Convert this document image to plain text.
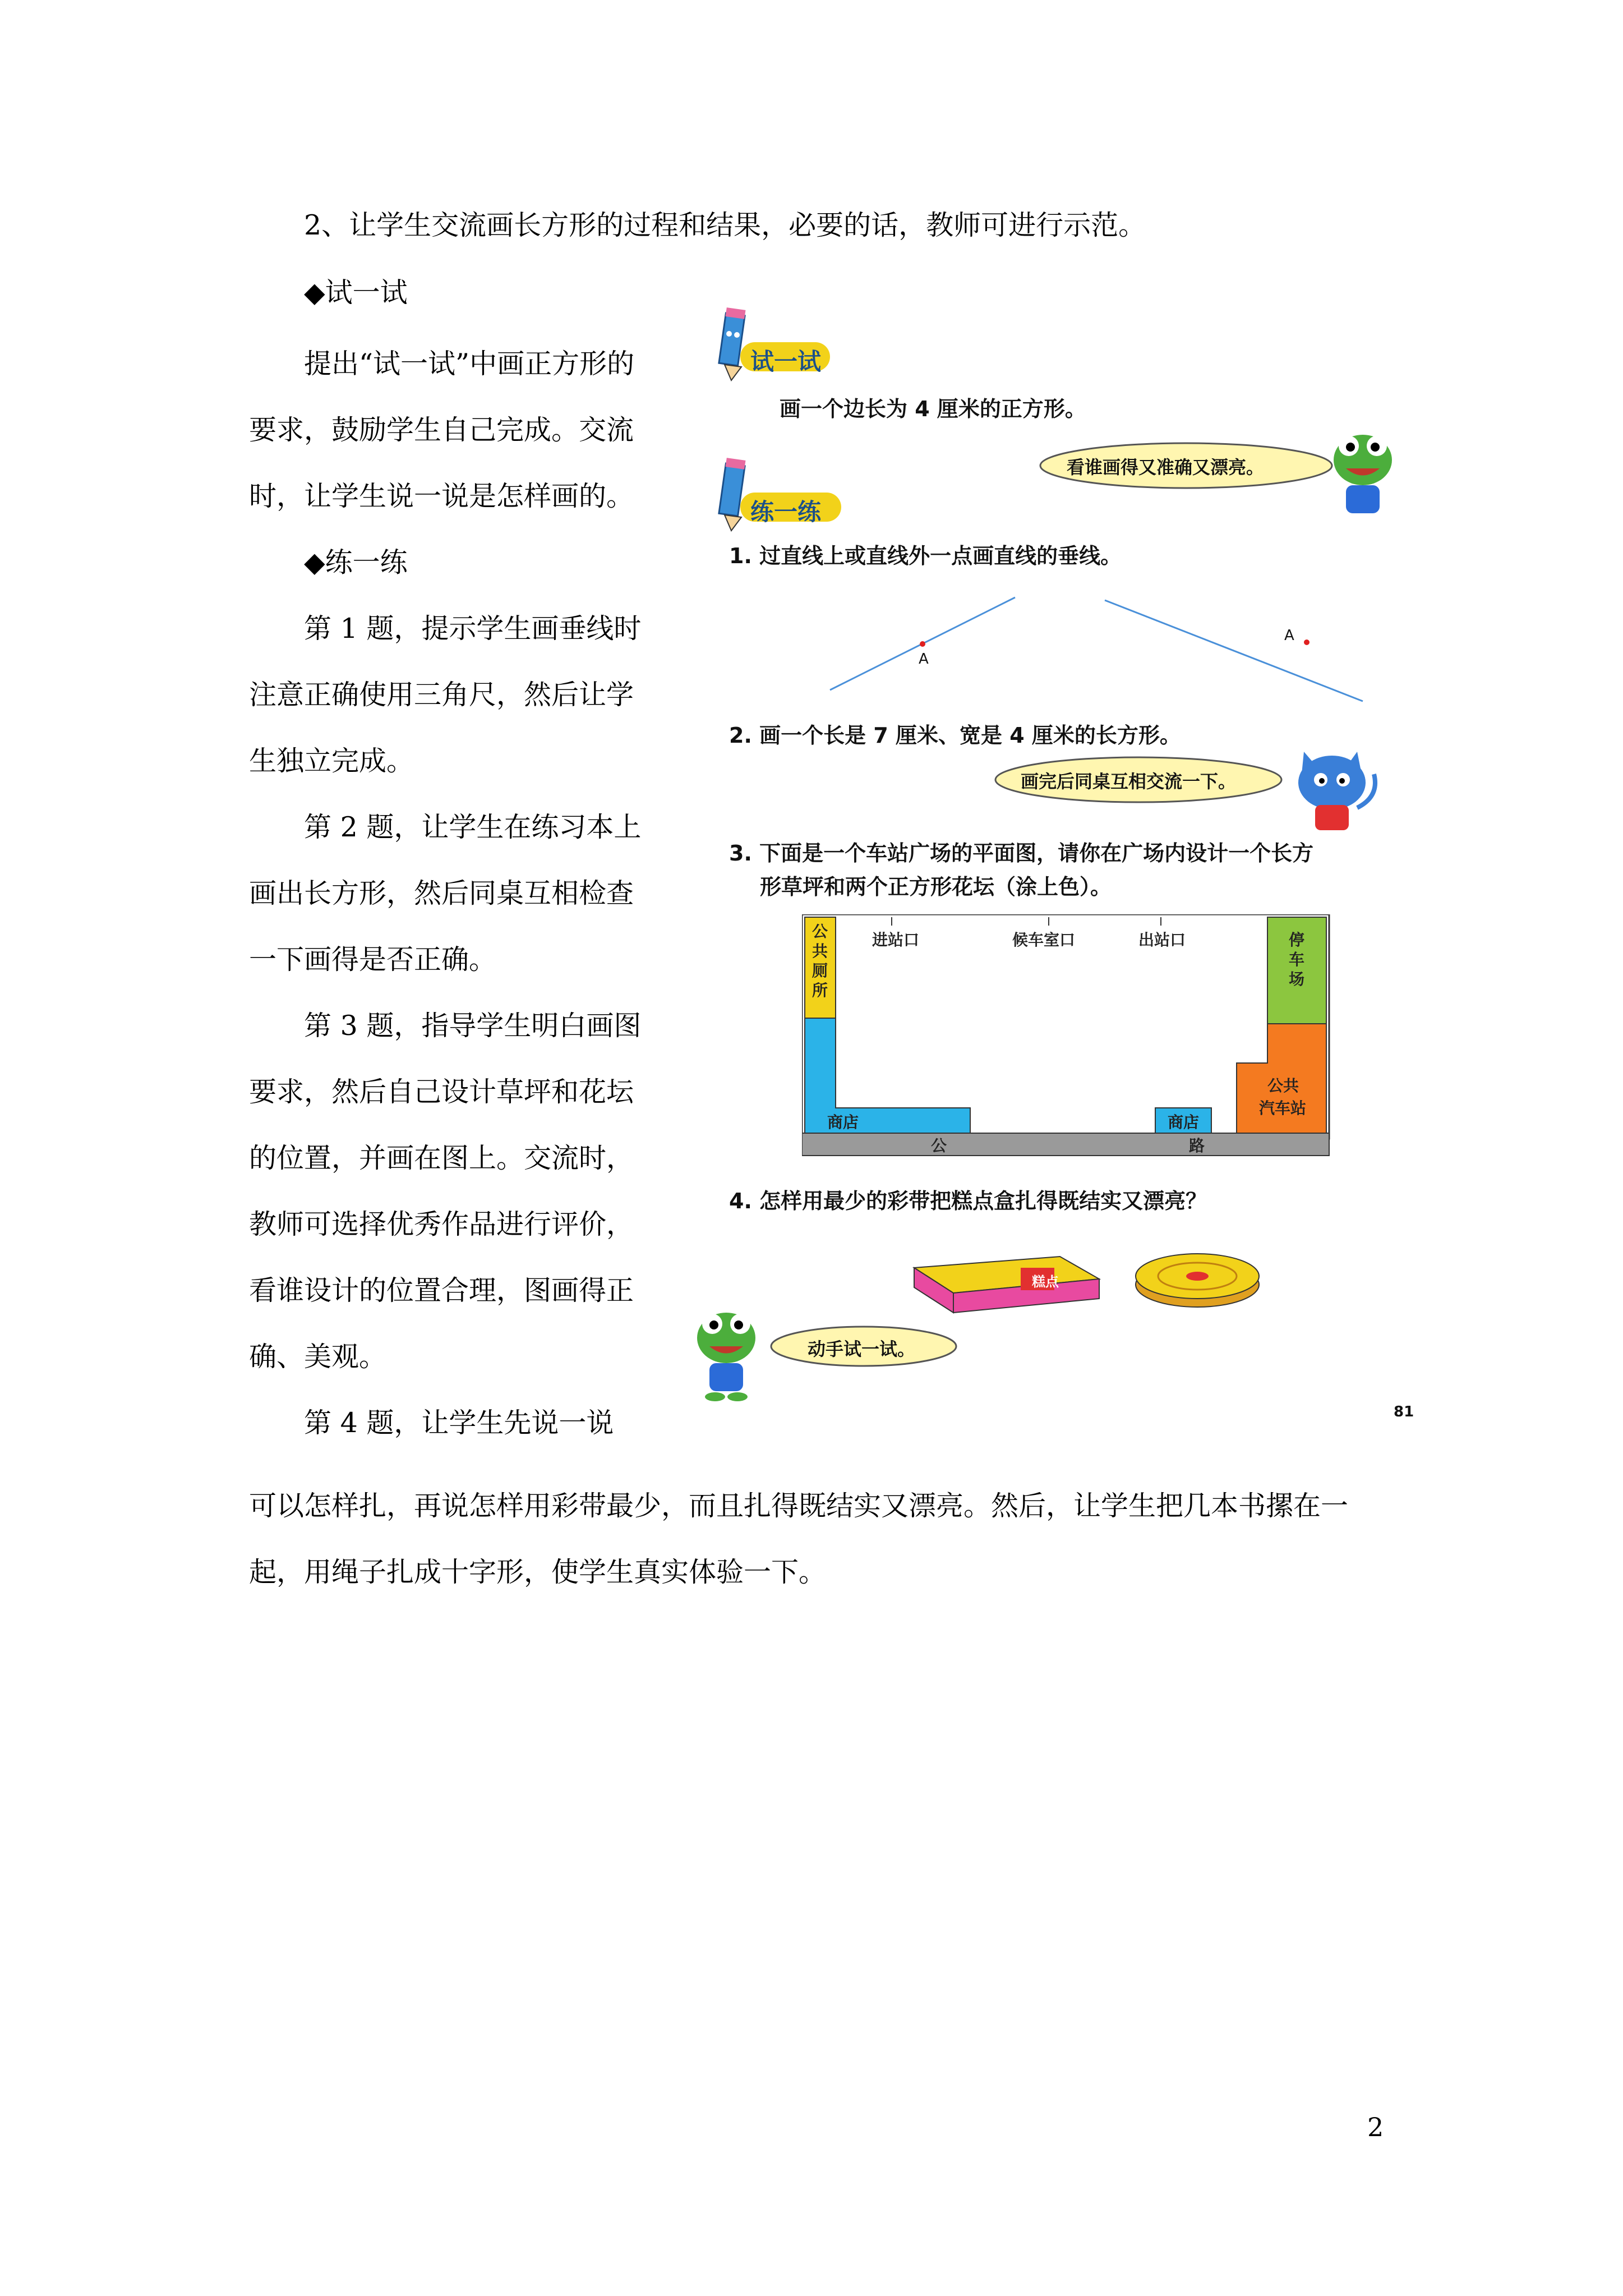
2、让学生交流画长方形的过程和结果，必要的话，教师可进行示范。
◆试一试

提出“试一试”中画正方形的要求，鼓励学生自己完成。交流时，让学生说一说是怎样画的。

◆练一练

第 1 题，提示学生画垂线时注意正确使用三角尺，然后让学生独立完成。

第 2 题，让学生在练习本上画出长方形，然后同桌互相检查一下画得是否正确。

第 3 题，指导学生明白画图要求，然后自己设计草坪和花坛的位置，并画在图上。交流时，教师可选择优秀作品进行评价，看谁设计的位置合理，图画得正确、美观。

第 4 题，让学生先说一说

可以怎样扎，再说怎样用彩带最少，而且扎得既结实又漂亮。然后，让学生把几本书摞在一
起，用绳子扎成十字形，使学生真实体验一下。
试一试
画一个边长为 4 厘米的正方形。
看谁画得又准确又漂亮。
练一练
1. 过直线上或直线外一点画直线的垂线。
A
A
2. 画一个长是 7 厘米、宽是 4 厘米的长方形。
画完后同桌互相交流一下。
3. 下面是一个车站广场的平面图，请你在广场内设计一个长方
形草坪和两个正方形花坛（涂上色）。
公
共
厕
所
进站口	候车室口	出站口	停
车
场
公共
汽车站
商店	商店
公	路
4. 怎样用最少的彩带把糕点盒扎得既结实又漂亮？
糕点
动手试一试。
81
2
